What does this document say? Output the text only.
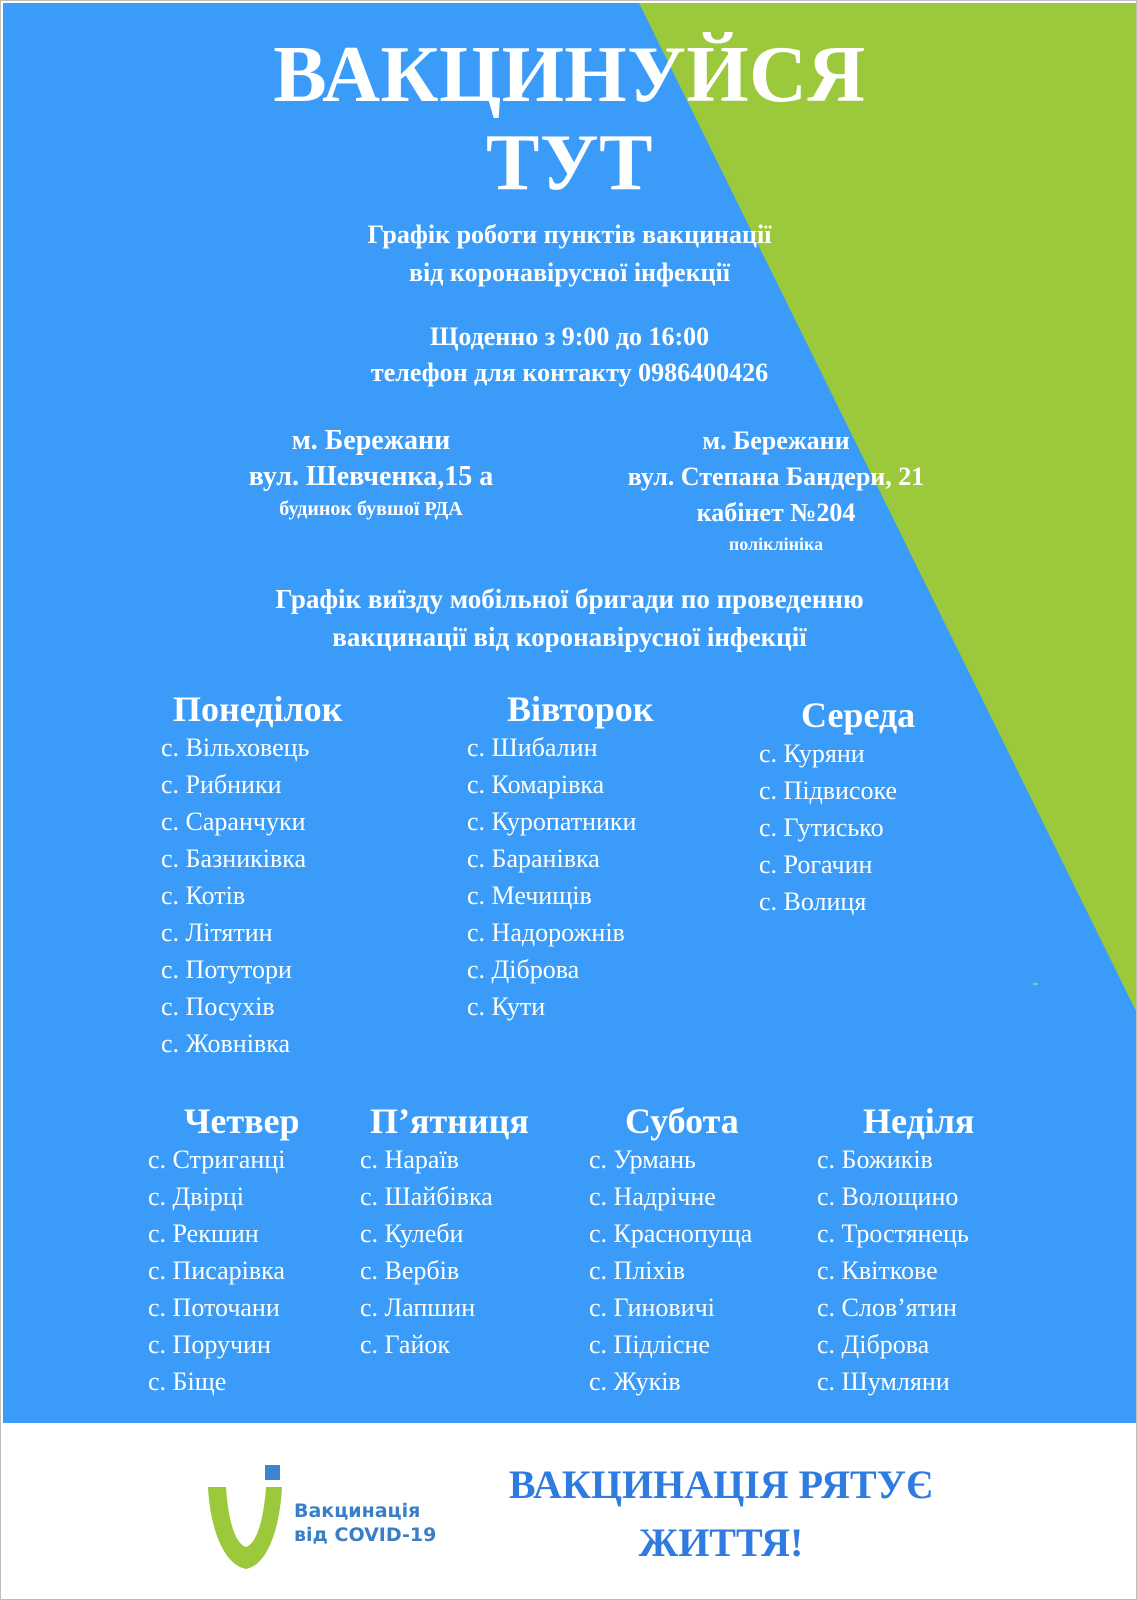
ВАКЦИНУЙСЯ
ТУТ
Графік роботи пунктів вакцинації
від коронавірусної інфекції
Щоденно з 9:00 до 16:00
телефон для контакту 0986400426
м. Бережани
вул. Шевченка,15 а
будинок бувшої РДА
м. Бережани
вул. Степана Бандери, 21
кабінет №204
поліклініка
Графік виїзду мобільної бригади по проведенню
вакцинації від коронавірусної інфекції
Понеділок
с. Вільховець
с. Рибники
с. Саранчуки
с. Базниківка
с. Котів
с. Літятин
с. Потутори
с. Посухів
с. Жовнівка
Вівторок
с. Шибалин
с. Комарівка
с. Куропатники
с. Баранівка
с. Мечищів
с. Надорожнів
с. Діброва
с. Кути
Середа
с. Куряни
с. Підвисоке
с. Гутисько
с. Рогачин
с. Волиця
Четвер
с. Стриганці
с. Двірці
с. Рекшин
с. Писарівка
с. Поточани
с. Поручин
с. Біще
П’ятниця
с. Нараїв
с. Шайбівка
с. Кулеби
с. Вербів
с. Лапшин
с. Гайок
Субота
с. Урмань
с. Надрічне
с. Краснопуща
с. Пліхів
с. Гиновичі
с. Підлісне
с. Жуків
Неділя
с. Божиків
с. Волощино
с. Тростянець
с. Квіткове
с. Слов’ятин
с. Діброва
с. Шумляни
Вакцинація
від COVID-19
ВАКЦИНАЦІЯ РЯТУЄ
ЖИТТЯ!
